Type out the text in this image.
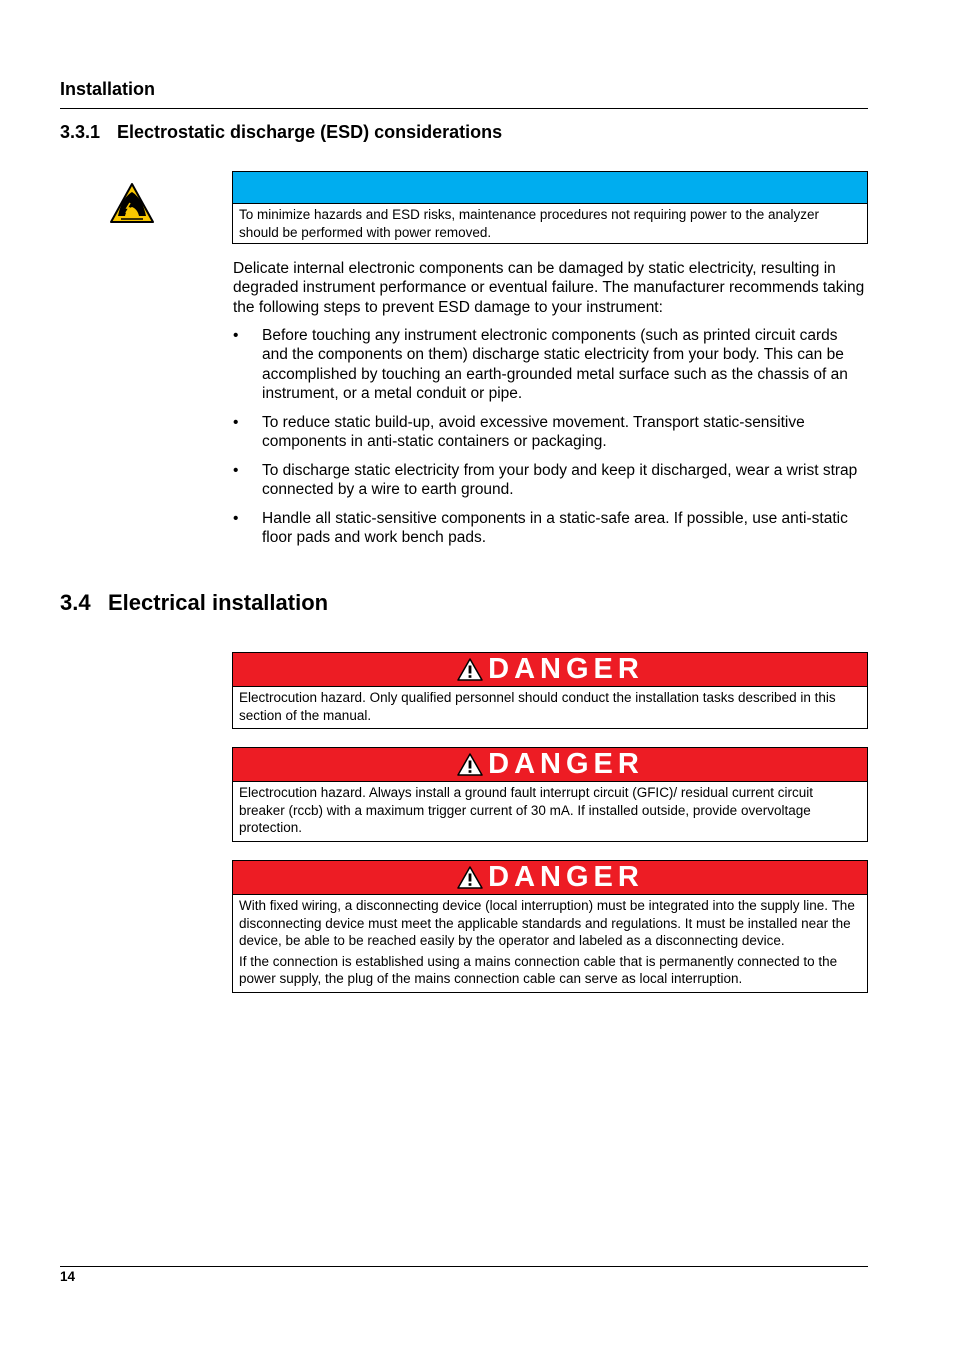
Installation
3.3.1 Electrostatic discharge (ESD) considerations
To minimize hazards and ESD risks, maintenance procedures not requiring power to the analyzer should be performed with power removed.
Delicate internal electronic components can be damaged by static electricity, resulting in degraded instrument performance or eventual failure. The manufacturer recommends taking the following steps to prevent ESD damage to your instrument:
• Before touching any instrument electronic components (such as printed circuit cards and the components on them) discharge static electricity from your body. This can be accomplished by touching an earth-grounded metal surface such as the chassis of an instrument, or a metal conduit or pipe.
• To reduce static build-up, avoid excessive movement. Transport static-sensitive components in anti-static containers or packaging.
• To discharge static electricity from your body and keep it discharged, wear a wrist strap connected by a wire to earth ground.
• Handle all static-sensitive components in a static-safe area. If possible, use anti-static floor pads and work bench pads.
3.4 Electrical installation
DANGER

Electrocution hazard. Only qualified personnel should conduct the installation tasks described in this section of the manual.

DANGER

Electrocution hazard. Always install a ground fault interrupt circuit (GFIC)/ residual current circuit breaker (rccb) with a maximum trigger current of 30 mA. If installed outside, provide overvoltage protection.

DANGER

With fixed wiring, a disconnecting device (local interruption) must be integrated into the supply line. The disconnecting device must meet the applicable standards and regulations. It must be installed near the device, be able to be reached easily by the operator and labeled as a disconnecting device.

If the connection is established using a mains connection cable that is permanently connected to the power supply, the plug of the mains connection cable can serve as local interruption.

14
